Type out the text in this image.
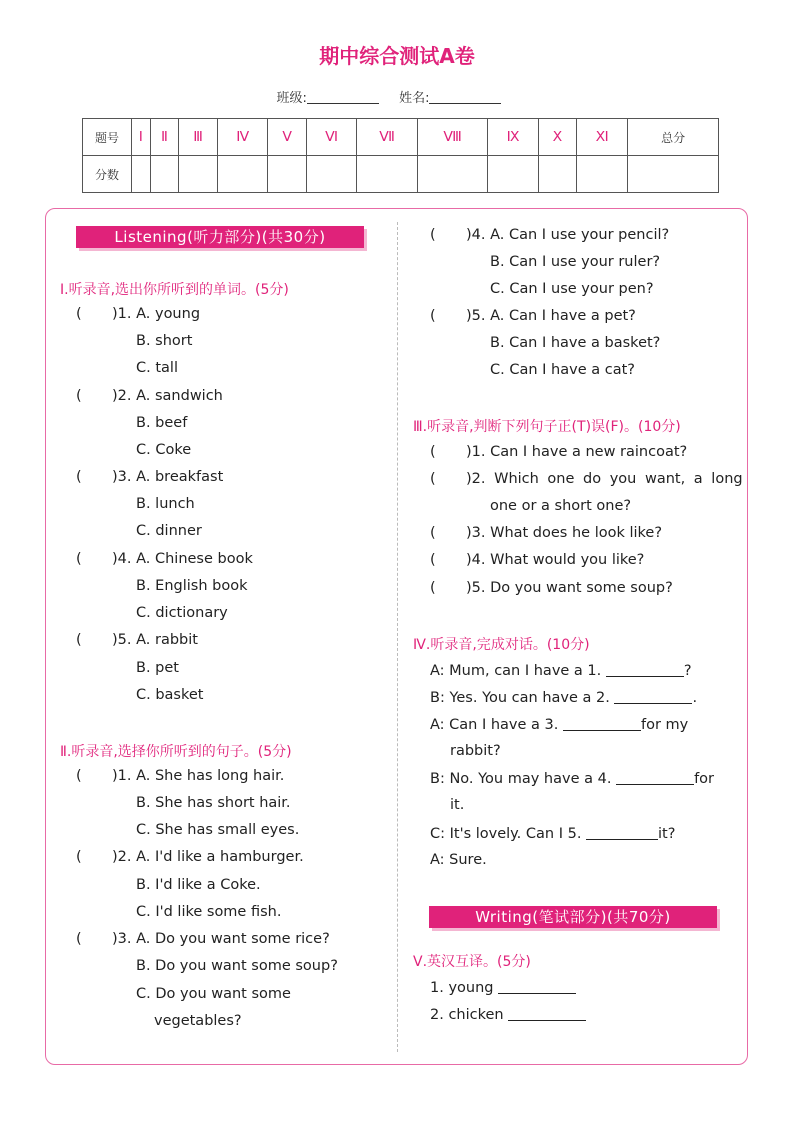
期中综合测试A卷
班级:	姓名:
题号	Ⅰ	Ⅱ	Ⅲ	Ⅳ	Ⅴ	Ⅵ	Ⅶ	Ⅷ	Ⅸ	Ⅹ	Ⅺ	总分
分数												
Listening(听力部分)(共30分)
Ⅰ.听录音,选出你所听到的单词。(5分)
( )1. A. young
B. short
C. tall
( )2. A. sandwich
B. beef
C. Coke
( )3. A. breakfast
B. lunch
C. dinner
( )4. A. Chinese book
B. English book
C. dictionary
( )5. A. rabbit
B. pet
C. basket
Ⅱ.听录音,选择你所听到的句子。(5分)
( )1. A. She has long hair.
B. She has short hair.
C. She has small eyes.
( )2. A. I'd like a hamburger.
B. I'd like a Coke.
C. I'd like some fish.
( )3. A. Do you want some rice?
B. Do you want some soup?
C. Do you want some
vegetables?
( )4. A. Can I use your pencil?
B. Can I use your ruler?
C. Can I use your pen?
( )5. A. Can I have a pet?
B. Can I have a basket?
C. Can I have a cat?
Ⅲ.听录音,判断下列句子正(T)误(F)。(10分)
( )1. Can I have a new raincoat?
( )2. Which one do you want, a long
one or a short one?
( )3. What does he look like?
( )4. What would you like?
( )5. Do you want some soup?
Ⅳ.听录音,完成对话。(10分)
A: Mum, can I have a 1.	?
B: Yes. You can have a 2.	.
A: Can I have a 3.	for my
rabbit?
B: No. You may have a 4.	for
it.
C: It's lovely. Can I 5.	it?
A: Sure.
Writing(笔试部分)(共70分)
Ⅴ.英汉互译。(5分)
1. young
2. chicken
